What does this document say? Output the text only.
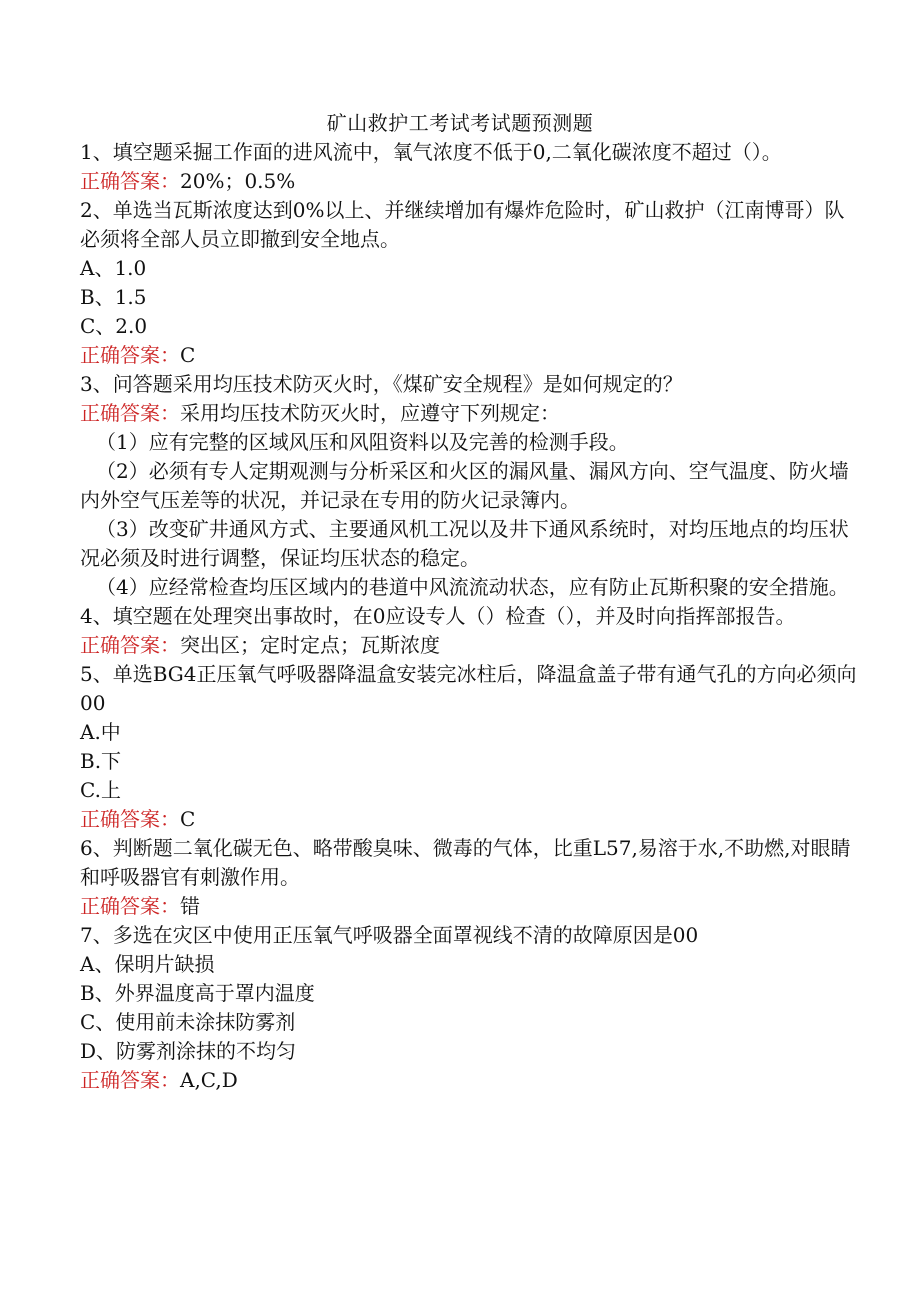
矿山救护工考试考试题预测题
1、填空题采掘工作面的进风流中，氧气浓度不低于0,二氧化碳浓度不超过（）。
正确答案：20%；0.5%
2、单选当瓦斯浓度达到0%以上、并继续增加有爆炸危险时，矿山救护（江南博哥）队必须将全部人员立即撤到安全地点。
A、1.0
B、1.5
C、2.0
正确答案：C
3、问答题采用均压技术防灭火时，《煤矿安全规程》是如何规定的？
正确答案：采用均压技术防灭火时，应遵守下列规定：
（1）应有完整的区域风压和风阻资料以及完善的检测手段。
（2）必须有专人定期观测与分析采区和火区的漏风量、漏风方向、空气温度、防火墙内外空气压差等的状况，并记录在专用的防火记录簿内。
（3）改变矿井通风方式、主要通风机工况以及井下通风系统时，对均压地点的均压状况必须及时进行调整，保证均压状态的稳定。
（4）应经常检查均压区域内的巷道中风流流动状态，应有防止瓦斯积聚的安全措施。
4、填空题在处理突出事故时，在0应设专人（）检查（），并及时向指挥部报告。
正确答案：突出区；定时定点；瓦斯浓度
5、单选BG4正压氧气呼吸器降温盒安装完冰柱后，降温盒盖子带有通气孔的方向必须向00
A.中
B.下
C.上
正确答案：C
6、判断题二氧化碳无色、略带酸臭味、微毒的气体，比重L57,易溶于水,不助燃,对眼睛和呼吸器官有刺激作用。
正确答案：错
7、多选在灾区中使用正压氧气呼吸器全面罩视线不清的故障原因是00
A、保明片缺损
B、外界温度高于罩内温度
C、使用前未涂抹防雾剂
D、防雾剂涂抹的不均匀
正确答案：A,C,D
